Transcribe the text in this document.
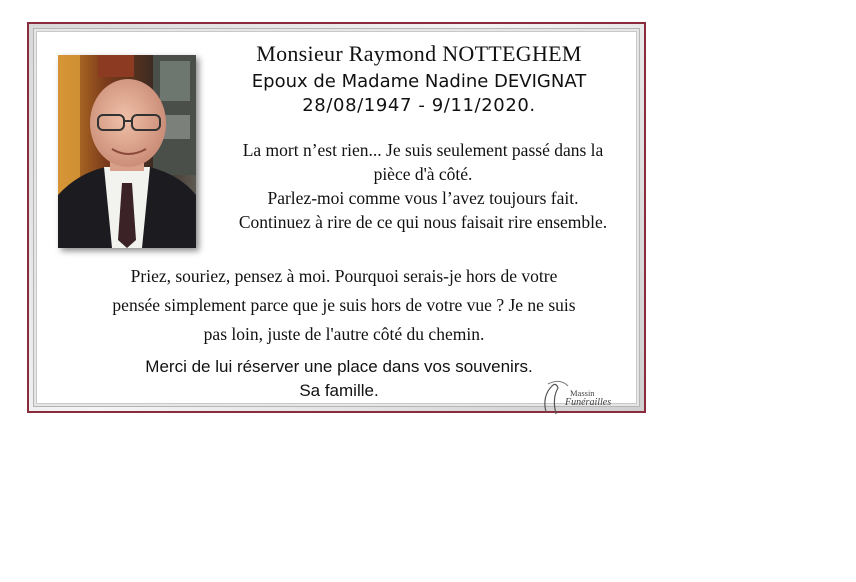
Monsieur Raymond NOTTEGHEM
Epoux de Madame Nadine DEVIGNAT
28/08/1947 - 9/11/2020.
La mort n’est rien... Je suis seulement passé dans la
pièce d'à côté.
Parlez-moi comme vous l’avez toujours fait.
Continuez à rire de ce qui nous faisait rire ensemble.
Priez, souriez, pensez à moi. Pourquoi serais-je hors de votre
pensée simplement parce que je suis hors de votre vue ? Je ne suis
pas loin, juste de l'autre côté du chemin.
Merci de lui réserver une place dans vos souvenirs.
Sa famille.	Massin
Funérailles
